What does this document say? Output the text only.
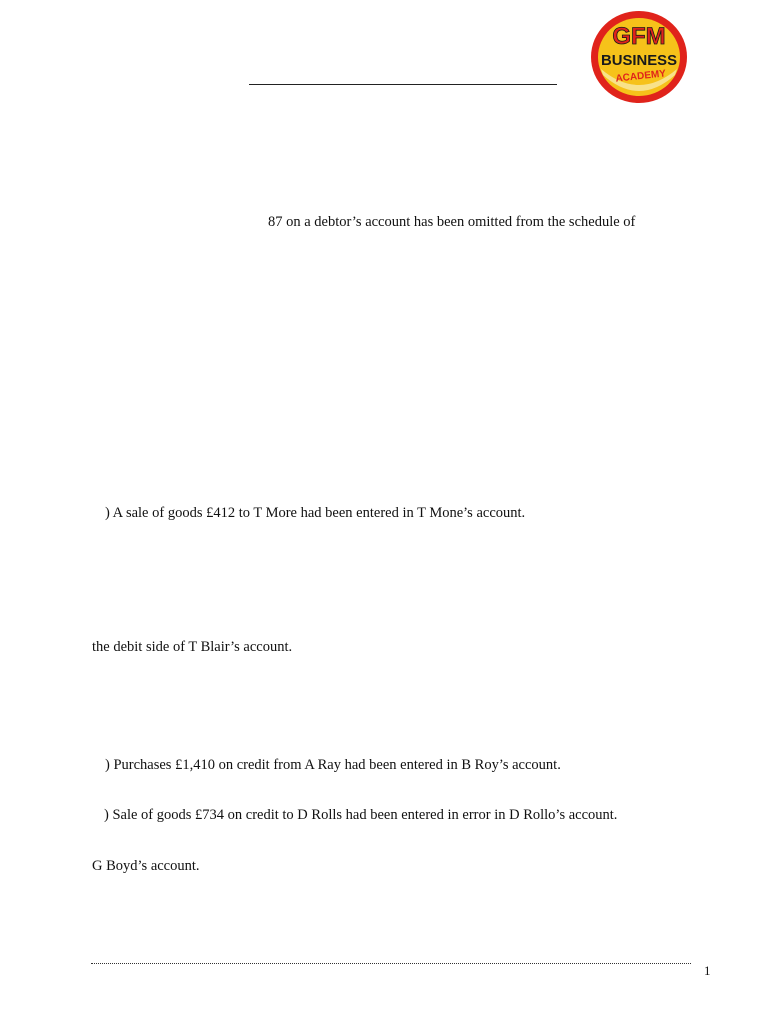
GFM
BUSINESS
ACADEMY
87 on a debtor’s account has been omitted from the schedule of
) A sale of goods £412 to T More had been entered in T Mone’s account.
the debit side of T Blair’s account.
) Purchases £1,410 on credit from A Ray had been entered in B Roy’s account.
) Sale of goods £734 on credit to D Rolls had been entered in error in D Rollo’s account.
G Boyd’s account.
1
